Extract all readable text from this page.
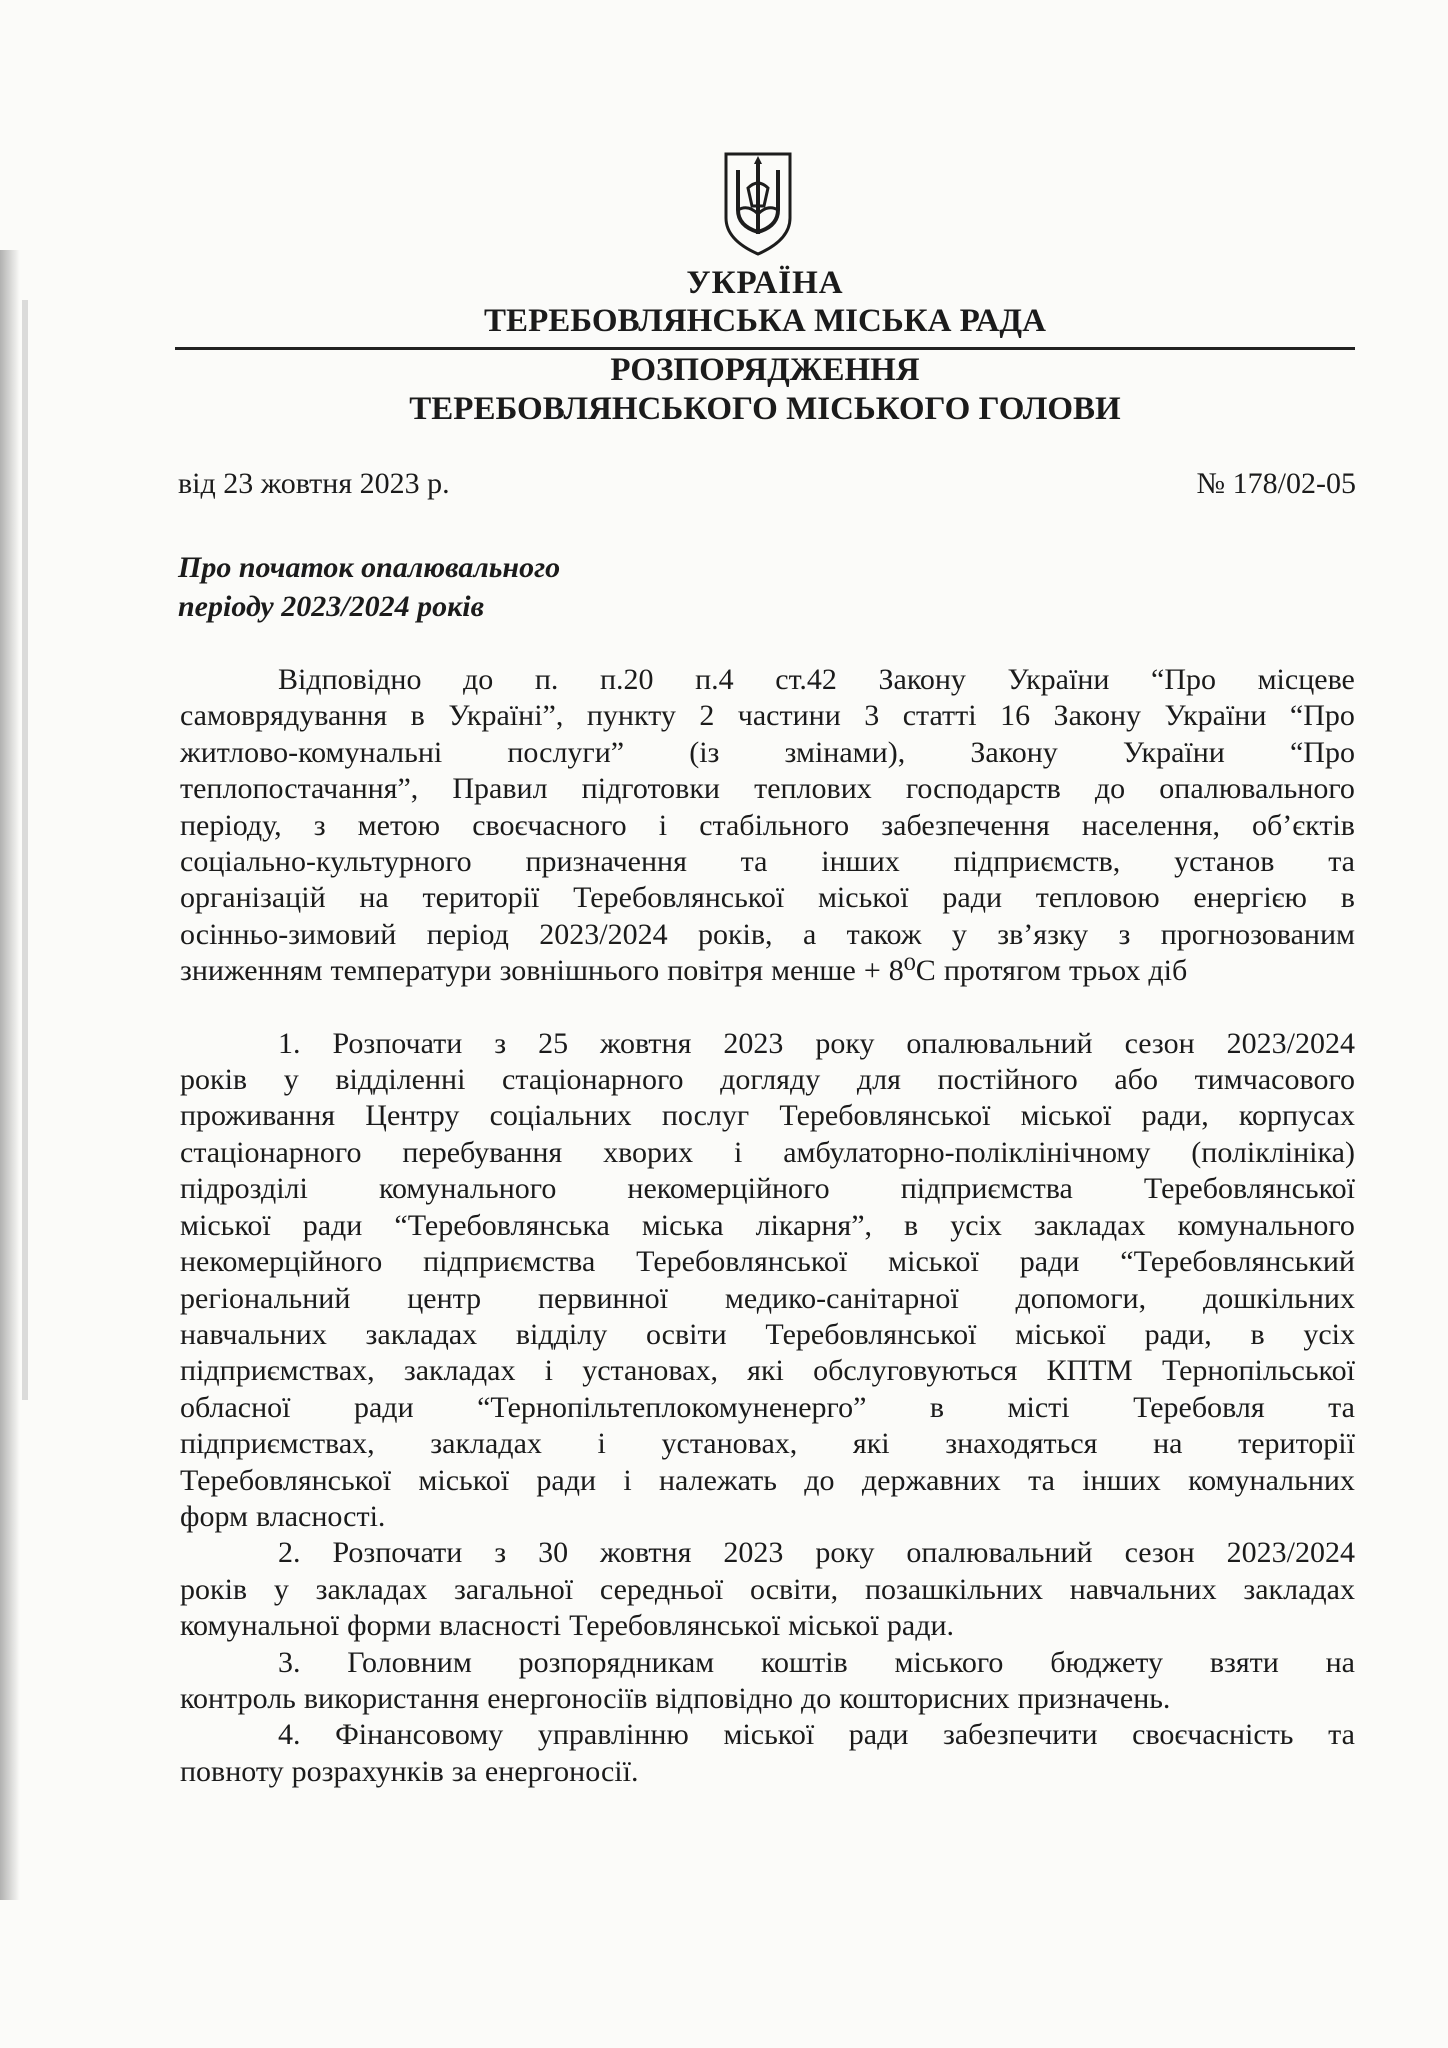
УКРАЇНА
ТЕРЕБОВЛЯНСЬКА МІСЬКА РАДА
РОЗПОРЯДЖЕННЯ
ТЕРЕБОВЛЯНСЬКОГО МІСЬКОГО ГОЛОВИ
від 23 жовтня 2023 р.	№ 178/02-05
Про початок опалювального
періоду 2023/2024 років
Відповідно до п. п.20 п.4 ст.42 Закону України “Про місцеве
самоврядування в Україні”, пункту 2 частини 3 статті 16 Закону України “Про
житлово-комунальні послуги” (із змінами), Закону України “Про
теплопостачання”, Правил підготовки теплових господарств до опалювального
періоду, з метою своєчасного і стабільного забезпечення населення, об’єктів
соціально-культурного призначення та інших підприємств, установ та
організацій на території Теребовлянської міської ради тепловою енергією в
осінньо-зимовий період 2023/2024 років, а також у зв’язку з прогнозованим
зниженням температури зовнішнього повітря менше + 8⁰С протягом трьох діб
1. Розпочати з 25 жовтня 2023 року опалювальний сезон 2023/2024
років у відділенні стаціонарного догляду для постійного або тимчасового
проживання Центру соціальних послуг Теребовлянської міської ради, корпусах
стаціонарного перебування хворих і амбулаторно-поліклінічному (поліклініка)
підрозділі комунального некомерційного підприємства Теребовлянської
міської ради “Теребовлянська міська лікарня”, в усіх закладах комунального
некомерційного підприємства Теребовлянської міської ради “Теребовлянський
регіональний центр первинної медико-санітарної допомоги, дошкільних
навчальних закладах відділу освіти Теребовлянської міської ради, в усіх
підприємствах, закладах і установах, які обслуговуються КПТМ Тернопільської
обласної ради “Тернопільтеплокомуненерго” в місті Теребовля та
підприємствах, закладах і установах, які знаходяться на території
Теребовлянської міської ради і належать до державних та інших комунальних
форм власності.
2. Розпочати з 30 жовтня 2023 року опалювальний сезон 2023/2024
років у закладах загальної середньої освіти, позашкільних навчальних закладах
комунальної форми власності Теребовлянської міської ради.
3. Головним розпорядникам коштів міського бюджету взяти на
контроль використання енергоносіїв відповідно до кошторисних призначень.
4. Фінансовому управлінню міської ради забезпечити своєчасність та
повноту розрахунків за енергоносії.
